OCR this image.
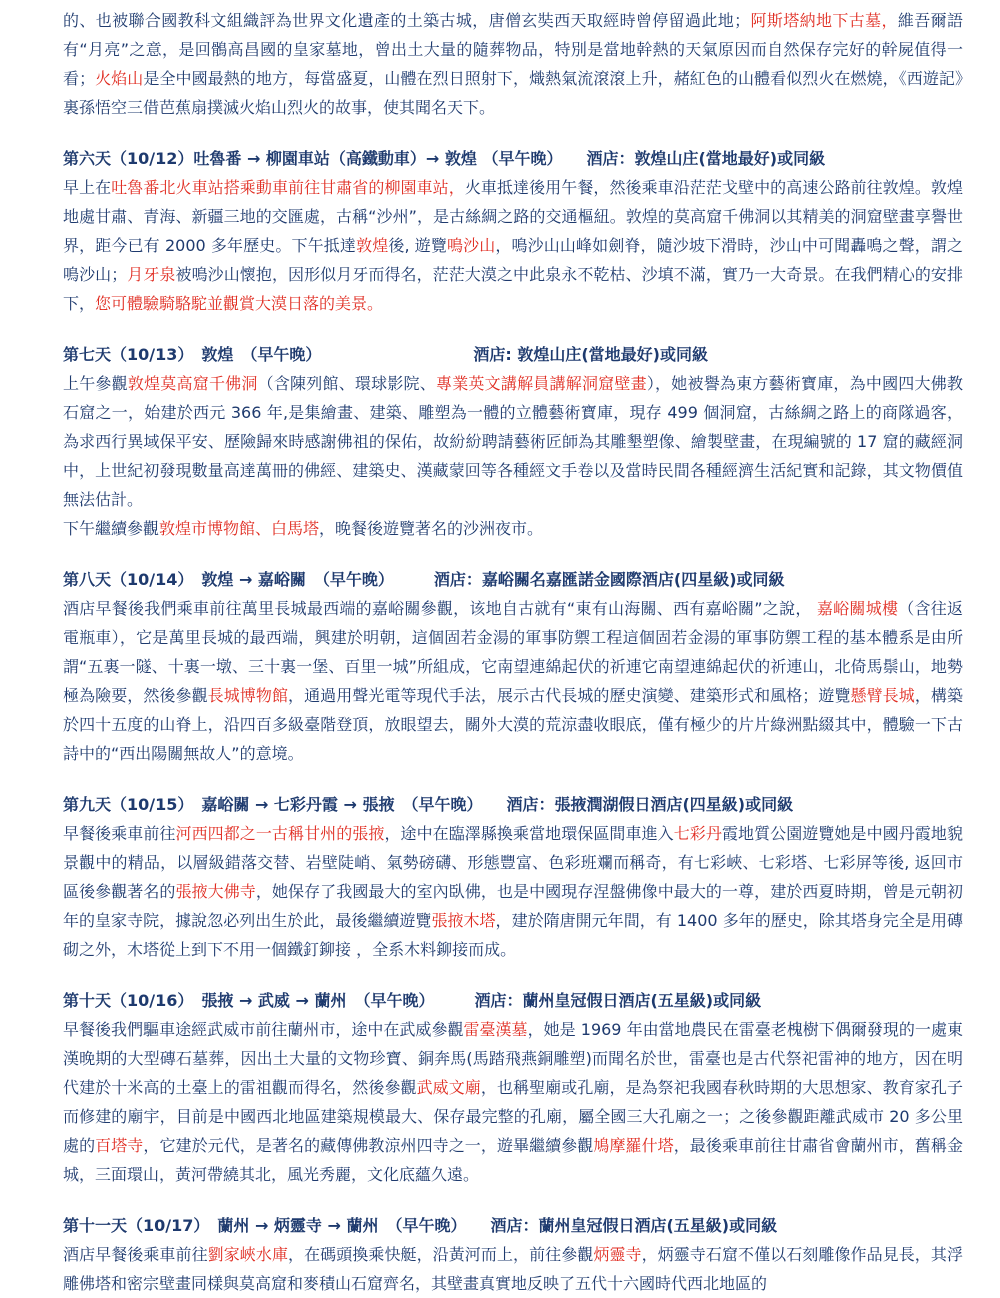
的、也被聯合國教科文組織評為世界文化遺產的土築古城，唐僧玄奘西天取經時曾停留過此地；阿斯塔納地下古墓，維吾爾語有“月亮”之意，是回鶻高昌國的皇家墓地，曾出土大量的隨葬物品，特別是當地幹熱的天氣原因而自然保存完好的幹屍值得一看；火焰山是全中國最熱的地方，每當盛夏，山體在烈日照射下，熾熱氣流滾滾上升，赭紅色的山體看似烈火在燃燒，《西遊記》裏孫悟空三借芭蕉扇撲滅火焰山烈火的故事，使其聞名天下。

第六天（10/12）吐魯番 → 柳園車站（高鐵動車）→ 敦煌 （早午晚）　　酒店：敦煌山庄(當地最好)或同級

早上在吐魯番北火車站搭乘動車前往甘肅省的柳園車站，火車抵達後用午餐，然後乘車沿茫茫戈壁中的高速公路前往敦煌。敦煌地處甘肅、青海、新疆三地的交匯處，古稱“沙州”，是古絲綢之路的交通樞紐。敦煌的莫高窟千佛洞以其精美的洞窟壁畫享譽世界，距今已有 2000 多年歷史。下午抵達敦煌後, 遊覽鳴沙山，鳴沙山山峰如劍脊，隨沙坡下滑時，沙山中可聞轟鳴之聲，謂之鳴沙山；月牙泉被鳴沙山懷抱，因形似月牙而得名，茫茫大漠之中此泉永不乾枯、沙填不滿，實乃一大奇景。在我們精心的安排下，您可體驗騎駱駝並觀賞大漠日落的美景。

第七天（10/13）　敦煌　（早午晚）　　　　　　　　　　酒店: 敦煌山庄(當地最好)或同級

上午參觀敦煌莫高窟千佛洞（含陳列館、環球影院、專業英文講解員講解洞窟壁畫），她被譽為東方藝術寶庫，為中國四大佛教石窟之一，始建於西元 366 年,是集繪畫、建築、雕塑為一體的立體藝術寶庫，現存 499 個洞窟，古絲綢之路上的商隊過客，為求西行異域保平安、歷險歸來時感謝佛祖的保佑，故紛紛聘請藝術匠師為其雕墾塑像、繪製壁畫，在現編號的 17 窟的藏經洞中，上世紀初發現數量高達萬冊的佛經、建築史、漢藏蒙回等各種經文手卷以及當時民間各種經濟生活紀實和記錄，其文物價值無法估計。

下午繼續參觀敦煌市博物館、白馬塔，晚餐後遊覽著名的沙洲夜市。

第八天（10/14）　敦煌 → 嘉峪關　（早午晚）　　　酒店：嘉峪關名嘉匯諾金國際酒店(四星級)或同級

酒店早餐後我們乘車前往萬里長城最西端的嘉峪關參觀，该地自古就有“東有山海關、西有嘉峪關”之說， 嘉峪關城樓（含往返電瓶車），它是萬里長城的最西端，興建於明朝，這個固若金湯的軍事防禦工程這個固若金湯的軍事防禦工程的基本體系是由所謂“五裏一隧、十裏一墩、三十裏一堡、百里一城”所組成，它南望連綿起伏的祈連它南望連綿起伏的祈連山，北倚馬鬃山，地勢極為險要，然後參觀長城博物館，通過用聲光電等現代手法，展示古代長城的歷史演變、建築形式和風格；遊覽懸臂長城，構築於四十五度的山脊上，沿四百多級臺階登頂，放眼望去，關外大漠的荒涼盡收眼底，僅有極少的片片綠洲點綴其中，體驗一下古詩中的“西出陽關無故人”的意境。

第九天（10/15）　嘉峪關 → 七彩丹霞 → 張掖　（早午晚）　　酒店：張掖潤湖假日酒店(四星級)或同級

早餐後乘車前往河西四都之一古稱甘州的張掖，途中在臨澤縣換乘當地環保區間車進入七彩丹霞地質公園遊覽她是中國丹霞地貌景觀中的精品，以層級錯落交替、岩壁陡峭、氣勢磅礴、形態豐富、色彩班斕而稱奇，有七彩峽、七彩塔、七彩屏等後, 返回市區後參觀著名的張掖大佛寺，她保存了我國最大的室內臥佛，也是中國現存涅盤佛像中最大的一尊，建於西夏時期，曾是元朝初年的皇家寺院，據說忽必列出生於此，最後繼續遊覽張掖木塔，建於隋唐開元年間，有 1400 多年的歷史，除其塔身完全是用磚砌之外，木塔從上到下不用一個鐵釘鉚接 ，全系木料鉚接而成。

第十天（10/16）　張掖 → 武威 → 蘭州　（早午晚）　　　酒店：蘭州皇冠假日酒店(五星級)或同級

早餐後我們驅車途經武威市前往蘭州市，途中在武威參觀雷臺漢墓，她是 1969 年由當地農民在雷臺老槐樹下偶爾發現的一處東漢晚期的大型磚石墓葬，因出土大量的文物珍寶、銅奔馬(馬踏飛燕銅雕塑)而聞名於世，雷臺也是古代祭祀雷神的地方，因在明代建於十米高的土臺上的雷祖觀而得名，然後參觀武威文廟，也稱聖廟或孔廟，是為祭祀我國春秋時期的大思想家、教育家孔子而修建的廟宇，目前是中國西北地區建築規模最大、保存最完整的孔廟，屬全國三大孔廟之一；之後參觀距離武威市 20 多公里處的百塔寺，它建於元代，是著名的藏傳佛教涼州四寺之一，遊畢繼續參觀鳩摩羅什塔，最後乘車前往甘肅省會蘭州市，舊稱金城，三面環山，黃河帶繞其北，風光秀麗，文化底蘊久遠。

第十一天（10/17）　蘭州 → 炳靈寺 → 蘭州　（早午晚）　　酒店：蘭州皇冠假日酒店(五星級)或同級

酒店早餐後乘車前往劉家峽水庫，在碼頭換乘快艇，沿黃河而上，前往參觀炳靈寺，炳靈寺石窟不僅以石刻雕像作品見長，其浮雕佛塔和密宗壁畫同樣與莫高窟和麥積山石窟齊名，其壁畫真實地反映了五代十六國時代西北地區的
